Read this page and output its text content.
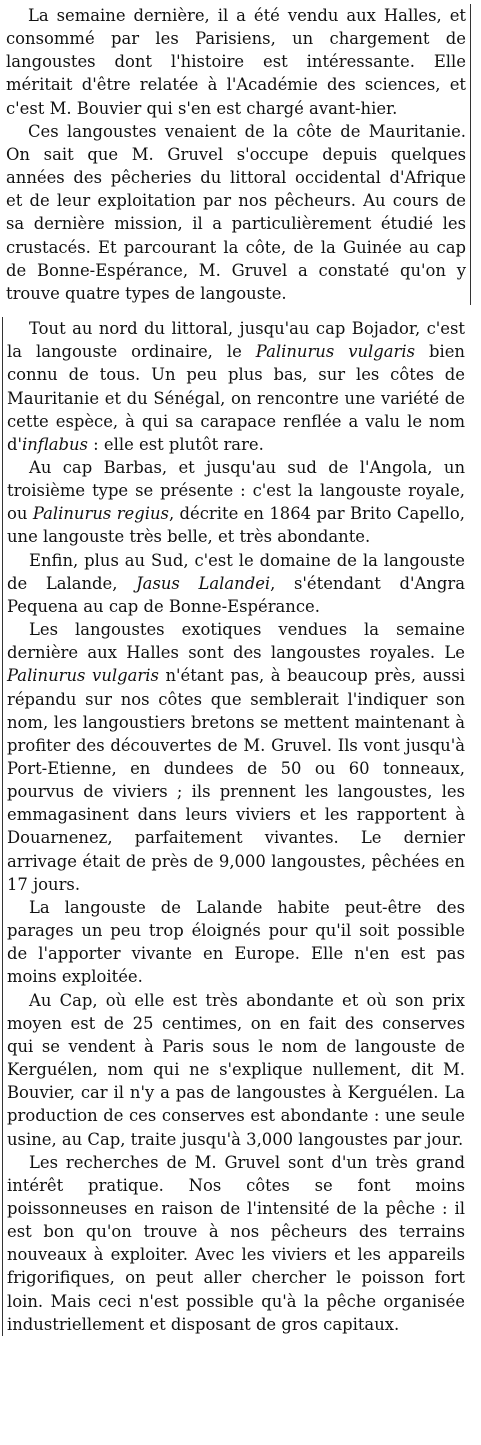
La semaine dernière, il a été vendu aux Halles, et consommé par les Parisiens, un chargement de langoustes dont l'histoire est intéressante. Elle méritait d'être relatée à l'Académie des sciences, et c'est M. Bouvier qui s'en est chargé avant-hier.

Ces langoustes venaient de la côte de Mauritanie. On sait que M. Gruvel s'occupe depuis quelques années des pêcheries du littoral occidental d'Afrique et de leur exploitation par nos pêcheurs. Au cours de sa dernière mission, il a particulièrement étudié les crustacés. Et parcourant la côte, de la Guinée au cap de Bonne-Espérance, M. Gruvel a constaté qu'on y trouve quatre types de langouste.

Tout au nord du littoral, jusqu'au cap Bojador, c'est la langouste ordinaire, le Palinurus vulgaris bien connu de tous. Un peu plus bas, sur les côtes de Mauritanie et du Sénégal, on rencontre une variété de cette espèce, à qui sa carapace renflée a valu le nom d'inflabus : elle est plutôt rare.

Au cap Barbas, et jusqu'au sud de l'Angola, un troisième type se présente : c'est la langouste royale, ou Palinurus regius, décrite en 1864 par Brito Capello, une langouste très belle, et très abondante.

Enfin, plus au Sud, c'est le domaine de la langouste de Lalande, Jasus Lalandei, s'étendant d'Angra Pequena au cap de Bonne-Espérance.

Les langoustes exotiques vendues la semaine dernière aux Halles sont des langoustes royales. Le Palinurus vulgaris n'étant pas, à beaucoup près, aussi répandu sur nos côtes que semblerait l'indiquer son nom, les langoustiers bretons se mettent maintenant à profiter des découvertes de M. Gruvel. Ils vont jusqu'à Port-Etienne, en dundees de 50 ou 60 tonneaux, pourvus de viviers ; ils prennent les langoustes, les emmagasinent dans leurs viviers et les rapportent à Douarnenez, parfaitement vivantes. Le dernier arrivage était de près de 9,000 langoustes, pêchées en 17 jours.

La langouste de Lalande habite peut-être des parages un peu trop éloignés pour qu'il soit possible de l'apporter vivante en Europe. Elle n'en est pas moins exploitée.

Au Cap, où elle est très abondante et où son prix moyen est de 25 centimes, on en fait des conserves qui se vendent à Paris sous le nom de langouste de Kerguélen, nom qui ne s'explique nullement, dit M. Bouvier, car il n'y a pas de langoustes à Kerguélen. La production de ces conserves est abondante : une seule usine, au Cap, traite jusqu'à 3,000 langoustes par jour.

Les recherches de M. Gruvel sont d'un très grand intérêt pratique. Nos côtes se font moins poissonneuses en raison de l'intensité de la pêche : il est bon qu'on trouve à nos pêcheurs des terrains nouveaux à exploiter. Avec les viviers et les appareils frigorifiques, on peut aller chercher le poisson fort loin. Mais ceci n'est possible qu'à la pêche organisée industriellement et disposant de gros capitaux.
